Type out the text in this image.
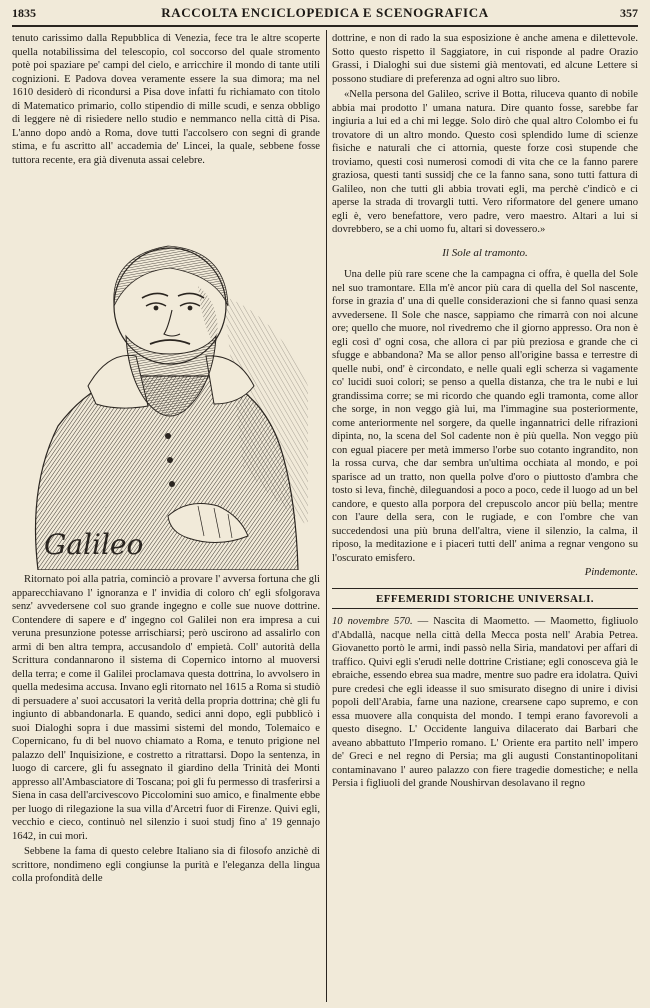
1835	RACCOLTA ENCICLOPEDICA E SCENOGRAFICA	357

tenuto carissimo dalla Repubblica di Venezia, fece tra le altre scoperte quella notabilissima del telescopio, col soccorso del quale stromento potè poi spaziare pe' campi del cielo, e arricchire il mondo di tante utili cognizioni. E Padova dovea veramente essere la sua dimora; ma nel 1610 desiderò di ricondursi a Pisa dove infatti fu richiamato con titolo di Matematico primario, collo stipendio di mille scudi, e senza obbligo di leggere nè di risiedere nello studio e nemmanco nella città di Pisa. L'anno dopo andò a Roma, dove tutti l'accolsero con segni di grande stima, e fu ascritto all' accademia de' Lincei, la quale, sebbene fosse tuttora recente, era già divenuta assai celebre.

Galileo

Ritornato poi alla patria, cominciò a provare l' avversa fortuna che gli apparecchiavano l' ignoranza e l' invidia di coloro ch' egli sfolgorava senz' avvedersene col suo grande ingegno e colle sue nuove dottrine. Contendere di sapere e d' ingegno col Galilei non era impresa a cui veruna presunzione potesse arrischiarsi; però uscirono ad assalirlo con armi di ben altra tempra, accusandolo d' empietà. Coll' autorità della Scrittura condannarono il sistema di Copernico intorno al muoversi della terra; e come il Galilei proclamava questa dottrina, lo avvolsero in quella medesima accusa. Invano egli ritornato nel 1615 a Roma si studiò di persuadere a' suoi accusatori la verità della propria dottrina; chè gli fu ingiunto di abbandonarla. E quando, sedici anni dopo, egli pubblicò i suoi Dialoghi sopra i due massimi sistemi del mondo, Tolemaico e Copernicano, fu di bel nuovo chiamato a Roma, e tenuto prigione nel palazzo dell' Inquisizione, e costretto a ritrattarsi. Dopo la sentenza, in luogo di carcere, gli fu assegnato il giardino della Trinità dei Monti appresso all'Ambasciatore di Toscana; poi gli fu permesso di trasferirsi a Siena in casa dell'arcivescovo Piccolomini suo amico, e finalmente ebbe per luogo di rilegazione la sua villa d'Arcetri fuor di Firenze. Quivi egli, vecchio e cieco, continuò nel silenzio i suoi studj fino a' 19 gennajo 1642, in cui morì.

Sebbene la fama di questo celebre Italiano sia di filosofo anzichè di scrittore, nondimeno egli congiunse la purità e l'eleganza della lingua colla profondità delle

dottrine, e non di rado la sua esposizione è anche amena e dilettevole. Sotto questo rispetto il Saggiatore, in cui risponde al padre Orazio Grassi, i Dialoghi sui due sistemi già mentovati, ed alcune Lettere si possono studiare di preferenza ad ogni altro suo libro.

«Nella persona del Galileo, scrive il Botta, riluceva quanto di nobile abbia mai prodotto l' umana natura. Dire quanto fosse, sarebbe far ingiuria a lui ed a chi mi legge. Solo dirò che qual altro Colombo ei fu trovatore di un altro mondo. Questo così splendido lume di scienze fisiche e naturali che ci attornia, queste forze così stupende che troviamo, questi così numerosi comodi di vita che ce la fanno parere graziosa, questi tanti sussidj che ce la fanno sana, sono tutti fattura di Galileo, non che tutti gli abbia trovati egli, ma perchè c'indicò e ci aperse la strada di trovargli tutti. Vero riformatore del genere umano egli è, vero benefattore, vero padre, vero maestro. Altari a lui si dovrebbero, se a chi uomo fu, altari si dovessero.»

Il Sole al tramonto.

Una delle più rare scene che la campagna ci offra, è quella del Sole nel suo tramontare. Ella m'è ancor più cara di quella del Sol nascente, forse in grazia d' una di quelle considerazioni che si fanno quasi senza avvedersene. Il Sole che nasce, sappiamo che rimarrà con noi alcune ore; quello che muore, nol rivedremo che il giorno appresso. Ora non è egli così d' ogni cosa, che allora ci par più preziosa e grande che ci sfugge e abbandona? Ma se allor penso all'origine bassa e terrestre di quelle nubi, ond' è circondato, e nelle quali egli scherza sì vagamente co' lucidi suoi colori; se penso a quella distanza, che tra le nubi e lui grandissima corre; se mi ricordo che quando egli tramonta, come allor che sorge, in non veggo già lui, ma l'immagine sua posteriormente, come anteriormente nel sorgere, da quelle ingannatrici delle rifrazioni dipinta, no, la scena del Sol cadente non è più quella. Non veggo più con egual piacere per metà immerso l'orbe suo cotanto ingrandito, non la rossa curva, che dar sembra un'ultima occhiata al mondo, e poi sparisce ad un tratto, non quella polve d'oro o piuttosto d'ambra che tosto si leva, finchè, dileguandosi a poco a poco, cede il luogo ad un bel candore, e questo alla porpora del crepuscolo ancor più bella; mentre con l'aure della sera, con le rugiade, e con l'ombre che van succedendosi una più bruna dell'altra, viene il silenzio, la calma, il riposo, la meditazione e i piaceri tutti dell' anima a regnar vengono su l'oscurato emisfero.

Pindemonte.
EFFEMERIDI STORICHE UNIVERSALI.

10 novembre 570. — Nascita di Maometto. — Maometto, figliuolo d'Abdallà, nacque nella città della Mecca posta nell' Arabia Petrea. Giovanetto portò le armi, indi passò nella Siria, mandatovi per affari di traffico. Quivi egli s'erudì nelle dottrine Cristiane; egli conosceva già le ebraiche, essendo ebrea sua madre, mentre suo padre era idolatra. Quivi pure credesi che egli ideasse il suo smisurato disegno di unire i divisi popoli dell'Arabia, farne una nazione, crearsene capo supremo, e con essa muovere alla conquista del mondo. I tempi erano favorevoli a questo disegno. L' Occidente languiva dilacerato dai Barbari che aveano abbattuto l'Imperio romano. L' Oriente era partito nell' impero de' Greci e nel regno di Persia; ma gli augusti Constantinopolitani contaminavano l' aureo palazzo con fiere tragedie domestiche; e nella Persia i figliuoli del grande Noushirvan desolavano il regno
